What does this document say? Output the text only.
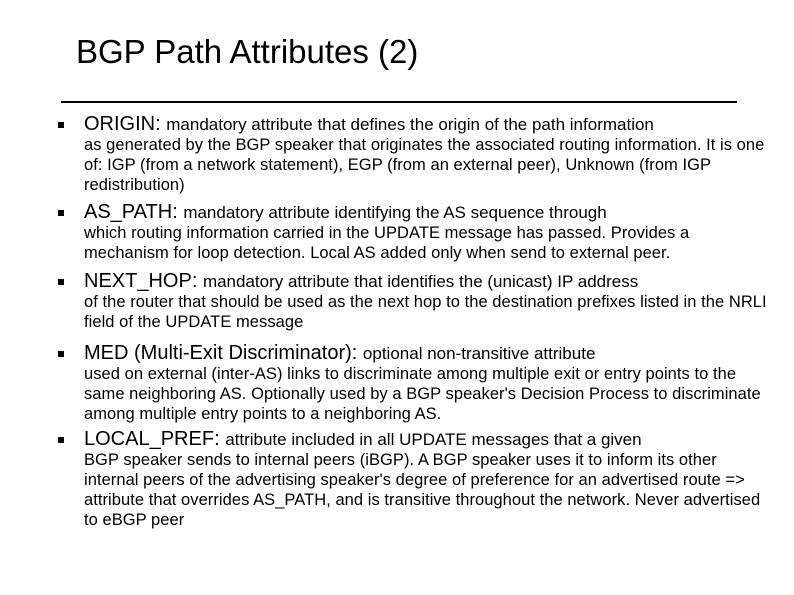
BGP Path Attributes (2)
ORIGIN: mandatory attribute that defines the origin of the path information
as generated by the BGP speaker that originates the associated routing information. It is one of: IGP (from a network statement), EGP (from an external peer), Unknown (from IGP redistribution)
AS_PATH: mandatory attribute identifying the AS sequence through
which routing information carried in the UPDATE message has passed. Provides a mechanism for loop detection. Local AS added only when send to external peer.
NEXT_HOP: mandatory attribute that identifies the (unicast) IP address
of the router that should be used as the next hop to the destination prefixes listed in the NRLI field of the UPDATE message
MED (Multi-Exit Discriminator): optional non-transitive attribute
used on external (inter-AS) links to discriminate among multiple exit or entry points to the same neighboring AS. Optionally used by a BGP speaker's Decision Process to discriminate among multiple entry points to a neighboring AS.
LOCAL_PREF: attribute included in all UPDATE messages that a given
BGP speaker sends to internal peers (iBGP). A BGP speaker uses it to inform its other internal peers of the advertising speaker's degree of preference for an advertised route => attribute that overrides AS_PATH, and is transitive throughout the network. Never advertised to eBGP peer
